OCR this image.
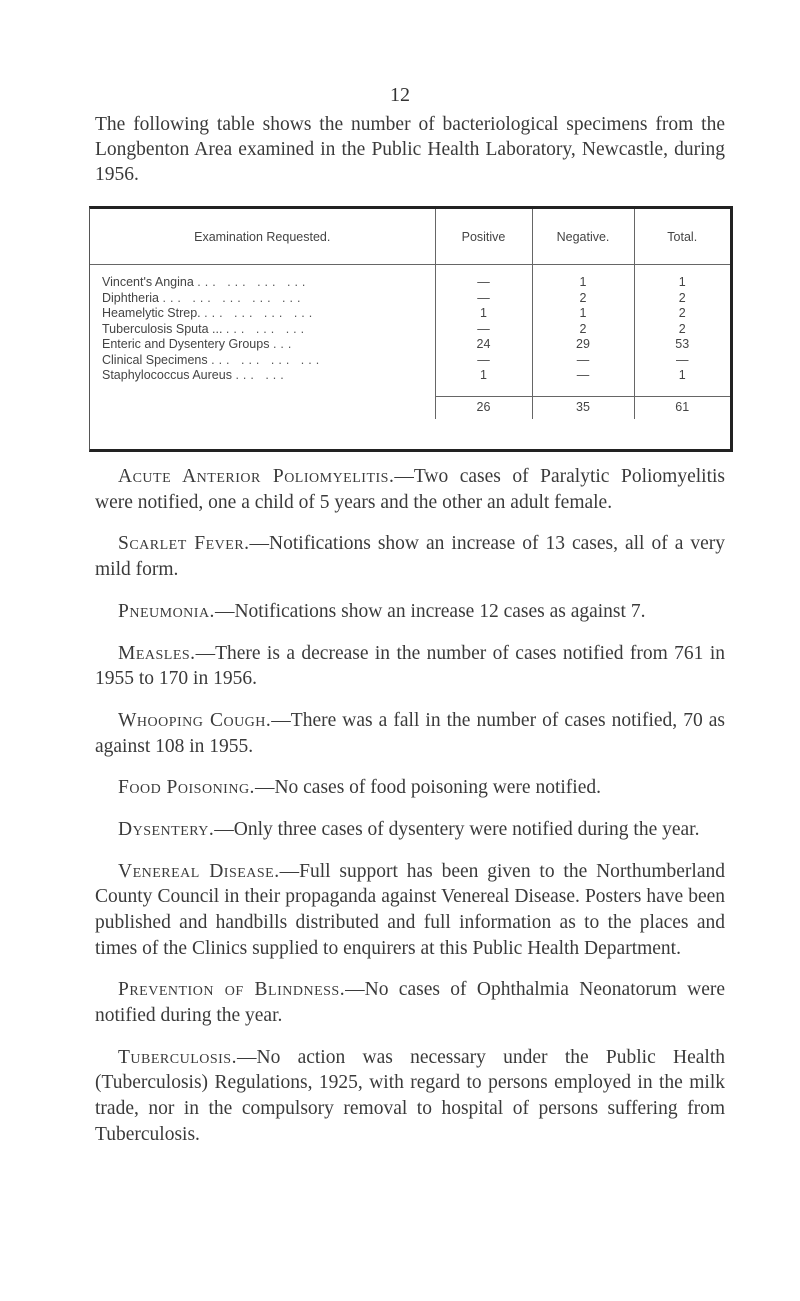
12

The following table shows the number of bacteriological specimens from the Longbenton Area examined in the Public Health Laboratory, Newcastle, during 1956.

Examination Requested.	Positive	Negative.	Total.
Vincent's Angina ... ... ... ...	—	1	1
Diphtheria ... ... ... ... ...	—	2	2
Heamelytic Strep. ... ... ... ...	1	1	2
Tuberculosis Sputa ... ... ... ...	—	2	2
Enteric and Dysentery Groups ...	24	29	53
Clinical Specimens ... ... ... ...	—	—	—
Staphylococcus Aureus ... ...	1	—	1
	26	35	61

Acute Anterior Poliomyelitis.—Two cases of Paralytic Poliomyelitis were notified, one a child of 5 years and the other an adult female.

Scarlet Fever.—Notifications show an increase of 13 cases, all of a very mild form.

Pneumonia.—Notifications show an increase 12 cases as against 7.

Measles.—There is a decrease in the number of cases notified from 761 in 1955 to 170 in 1956.

Whooping Cough.—There was a fall in the number of cases notified, 70 as against 108 in 1955.

Food Poisoning.—No cases of food poisoning were notified.

Dysentery.—Only three cases of dysentery were notified during the year.

Venereal Disease.—Full support has been given to the Northumberland County Council in their propaganda against Venereal Disease. Posters have been published and handbills distributed and full information as to the places and times of the Clinics supplied to enquirers at this Public Health Department.

Prevention of Blindness.—No cases of Ophthalmia Neonatorum were notified during the year.

Tuberculosis.—No action was necessary under the Public Health (Tuberculosis) Regulations, 1925, with regard to persons employed in the milk trade, nor in the compulsory removal to hospital of persons suffering from Tuberculosis.
